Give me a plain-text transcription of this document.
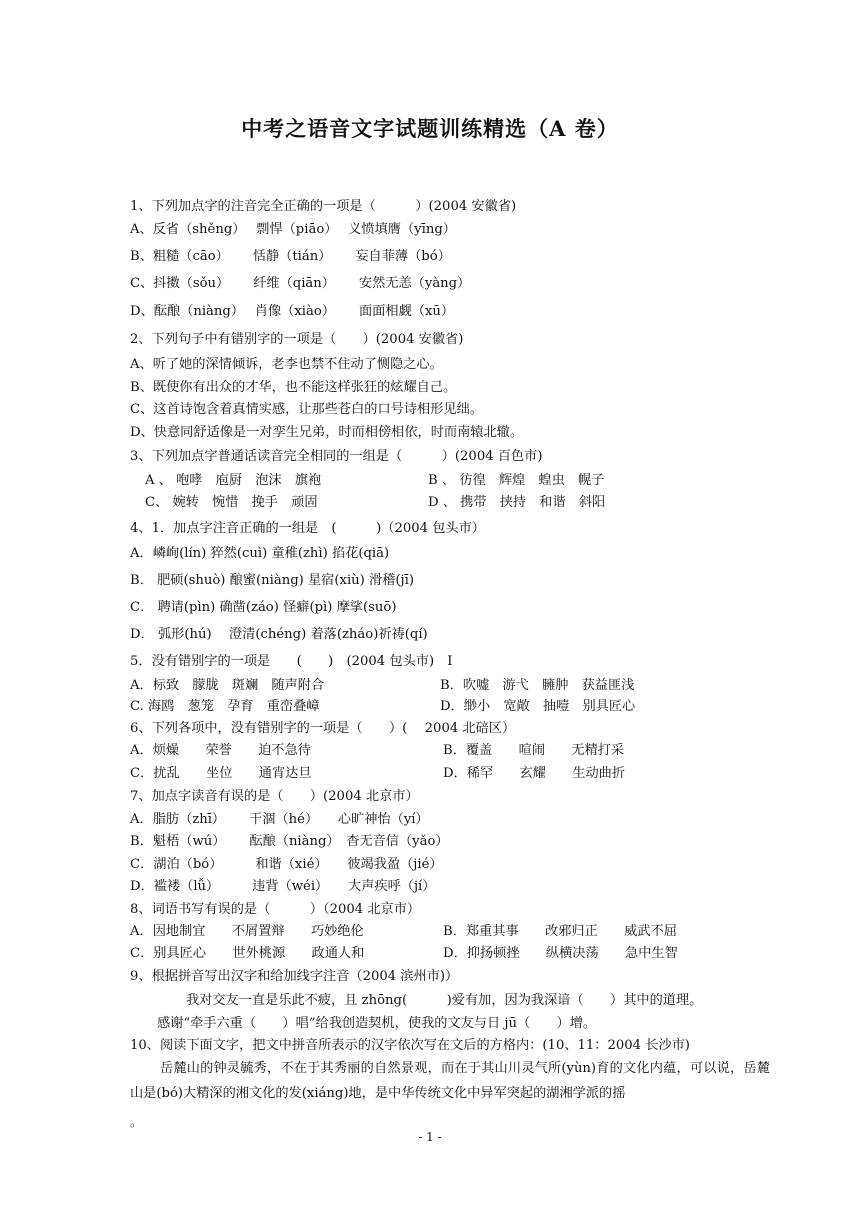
中考之语音文字试题训练精选（A 卷）
1、下列加点字的注音完全正确的一项是（　　　）(2004 安徽省)
A、反省（shěng）　 剽悍（piāo）　 义愤填膺（yīng）
B、粗糙（cāo）　　 恬静（tián）　　 妄自菲薄（bó）
C、抖擞（sǒu）　　 纤维（qiān）　　 安然无恙（yàng）
D、酝酿（niàng）　 肖像（xiào）　　 面面相觑（xū）
2、下列句子中有错别字的一项是（　　）(2004 安徽省)
A、听了她的深情倾诉，老李也禁不住动了恻隐之心。
B、既使你有出众的才华，也不能这样张狂的炫耀自己。
C、这首诗饱含着真情实感，让那些苍白的口号诗相形见绌。
D、快意同舒适像是一对孪生兄弟，时而相傍相依，时而南辕北辙。
3、下列加点字普通话读音完全相同的一组是（　　　）(2004 百色市)
A 、 咆哮　庖厨　泡沫　旗袍	B 、 彷徨　辉煌　蝗虫　幌子
C、 婉转　惋惜　挽手　顽固	D 、 携带　挟持　和谐　斜阳
4、1．加点字注音正确的一组是　(　　　)（2004 包头市）
A．嶙峋(lín) 猝然(cuì) 童稚(zhì) 掐花(qiā)
B． 肥硕(shuò) 酿蜜(niàng) 星宿(xiù) 滑稽(jī)
C． 聘请(pìn) 确凿(záo) 怪癖(pì) 摩挲(suō)
D． 弧形(hú)　 澄清(chéng) 着落(zháo)祈祷(qí)
5．没有错别字的一项是　　(　　)　(2004 包头市)　I
A．标致　朦胧　斑斓　随声附合	B．吹嘘　游弋　臃肿　获益匪浅
C. 海鸥　葱笼　孕育　重峦叠嶂	D．缈小　宽敞　抽噎　别具匠心
6、下列各项中，没有错别字的一项是（　　）(　 2004 北碚区）
A．烦燥　　荣誉　　迫不急待	B．覆盖　　喧闹　　无精打采
C．扰乱　　坐位　　通宵达旦	D．稀罕　　玄耀　　生动曲折
7、加点字读音有误的是（　　）(2004 北京市）
A．脂肪（zhī）　　 干涸（hé）　　心旷神怡（yí）
B．魁梧（wú）　　 酝酿（niàng）　杳无音信（yǎo）
C．湖泊（bó）　　　和谐（xié）　　彼竭我盈（jié）
D．褴褛（lǚ）　　　违背（wéi）　　大声疾呼（jí）
8、词语书写有误的是（　　　）（2004 北京市）
A．因地制宜　　不屑置辩　　巧妙绝伦	B．郑重其事　　改邪归正　　威武不屈
C．别具匠心　　世外桃源　　政通人和	D．抑扬顿挫　　纵横决荡　　急中生智
9、根据拼音写出汉字和给加线字注音（2004 滨州市)）
我对交友一直是乐此不疲，且 zhōng(　　　)爱有加，因为我深谙（　　）其中的道理。
感谢“牵手六重（　　）唱”给我创造契机，使我的文友与日 jū（　　）增。
10、阅读下面文字，把文中拼音所表示的汉字依次写在文后的方格内：(10、11：2004 长沙市)
岳麓山的钟灵毓秀，不在于其秀丽的自然景观，而在于其山川灵气所(yùn)育的文化内蕴，可以说，岳麓山是(bó)大精深的湘文化的发(xiáng)地，是中华传统文化中异军突起的湖湘学派的摇
。
- 1 -
